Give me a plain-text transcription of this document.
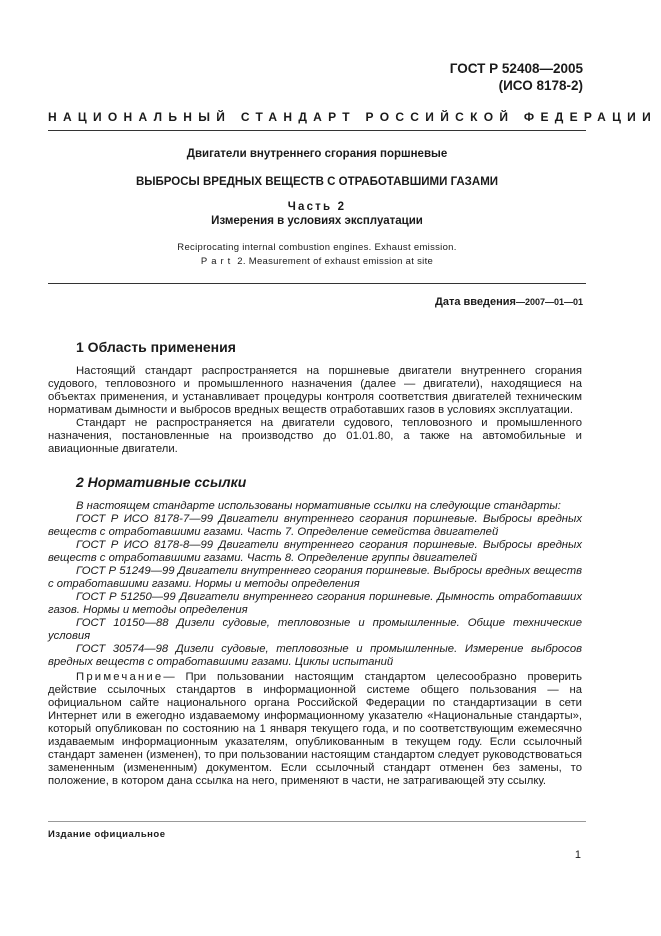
ГОСТ Р 52408—2005
(ИСО 8178-2)
НАЦИОНАЛЬНЫЙ СТАНДАРТ РОССИЙСКОЙ ФЕДЕРАЦИИ
Двигатели внутреннего сгорания поршневые
ВЫБРОСЫ ВРЕДНЫХ ВЕЩЕСТВ С ОТРАБОТАВШИМИ ГАЗАМИ
Часть 2
Измерения в условиях эксплуатации
Reciprocating internal combustion engines. Exhaust emission.
Part 2. Measurement of exhaust emission at site
Дата введения—2007—01—01
1 Область применения
Настоящий стандарт распространяется на поршневые двигатели внутреннего сгорания судового, тепловозного и промышленного назначения (далее — двигатели), находящиеся на объектах применения, и устанавливает процедуры контроля соответствия двигателей техническим нормативам дымности и выбросов вредных веществ отработавших газов в условиях эксплуатации.
Стандарт не распространяется на двигатели судового, тепловозного и промышленного назначения, постановленные на производство до 01.01.80, а также на автомобильные и авиационные двигатели.
2 Нормативные ссылки
В настоящем стандарте использованы нормативные ссылки на следующие стандарты:
ГОСТ Р ИСО 8178-7—99 Двигатели внутреннего сгорания поршневые. Выбросы вредных веществ с отработавшими газами. Часть 7. Определение семейства двигателей
ГОСТ Р ИСО 8178-8—99 Двигатели внутреннего сгорания поршневые. Выбросы вредных веществ с отработавшими газами. Часть 8. Определение группы двигателей
ГОСТ Р 51249—99 Двигатели внутреннего сгорания поршневые. Выбросы вредных веществ с отработавшими газами. Нормы и методы определения
ГОСТ Р 51250—99 Двигатели внутреннего сгорания поршневые. Дымность отработавших газов. Нормы и методы определения
ГОСТ 10150—88 Дизели судовые, тепловозные и промышленные. Общие технические условия
ГОСТ 30574—98 Дизели судовые, тепловозные и промышленные. Измерение выбросов вредных веществ с отработавшими газами. Циклы испытаний
Примечание— При пользовании настоящим стандартом целесообразно проверить действие ссылочных стандартов в информационной системе общего пользования — на официальном сайте национального органа Российской Федерации по стандартизации в сети Интернет или в ежегодно издаваемому информационному указателю «Национальные стандарты», который опубликован по состоянию на 1 января текущего года, и по соответствующим ежемесячно издаваемым информационным указателям, опубликованным в текущем году. Если ссылочный стандарт заменен (изменен), то при пользовании настоящим стандартом следует руководствоваться замененным (измененным) документом. Если ссылочный стандарт отменен без замены, то положение, в котором дана ссылка на него, применяют в части, не затрагивающей эту ссылку.
Издание официальное
1
